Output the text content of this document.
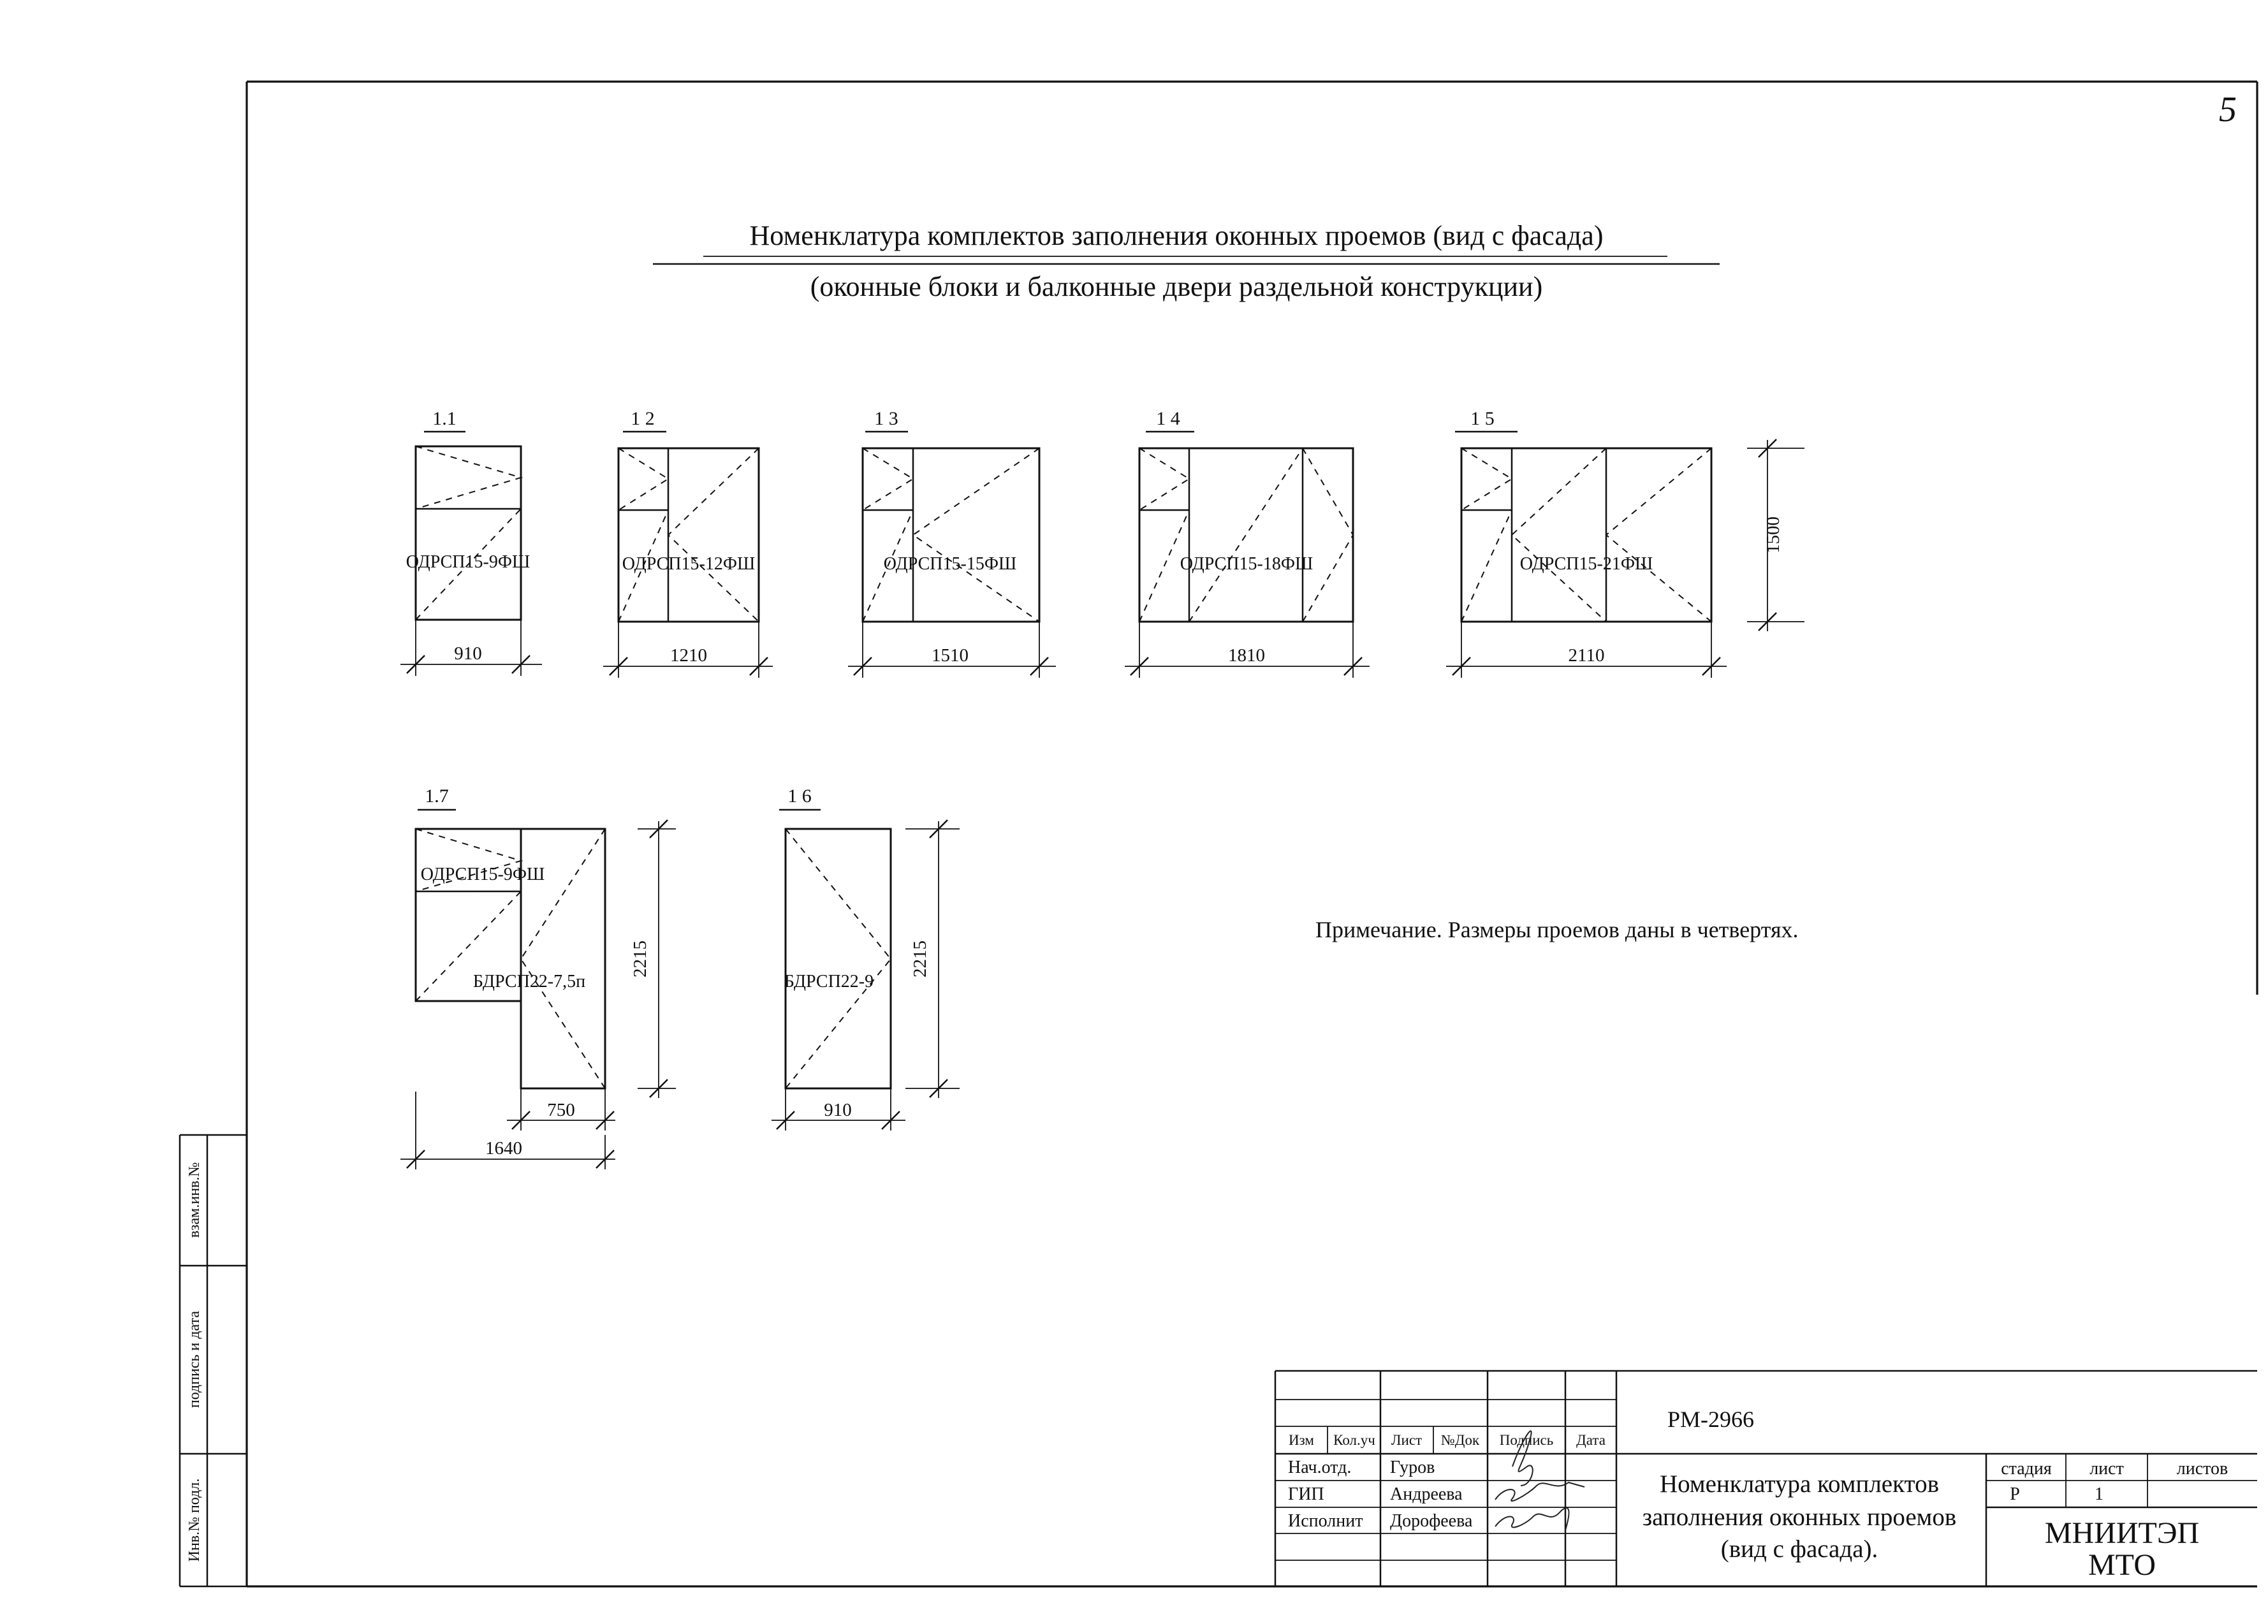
5
Номенклатура комплектов заполнения оконных проемов (вид с фасада)
(оконные блоки и балконные двери раздельной конструкции)
1.1
ОДРСП15-9ФШ
910
1 2
ОДРСП15-12ФШ
1210
1 3
ОДРСП15-15ФШ
1510
1 4
ОДРСП15-18ФШ
1810
1 5
ОДРСП15-21ФШ
2110
1500
1.7
ОДРСП15-9ФШ
БДРСП22-7,5п
2215
750
1640
1 6
БДРСП22-9
2215
910
Примечание. Размеры проемов даны в четвертях.
взам.инв.№
подпись и дата
Инв.№ подл.
Изм Кол.уч Лист №Док Подпись Дата
Нач.отд. Гуров
ГИП	Андреева
Исполнит Дорофеева
РМ-2966
Номенклатура комплектов
заполнения оконных проемов
(вид с фасада).
стадия лист	листов
Р	1
МНИИТЭП
МТО
